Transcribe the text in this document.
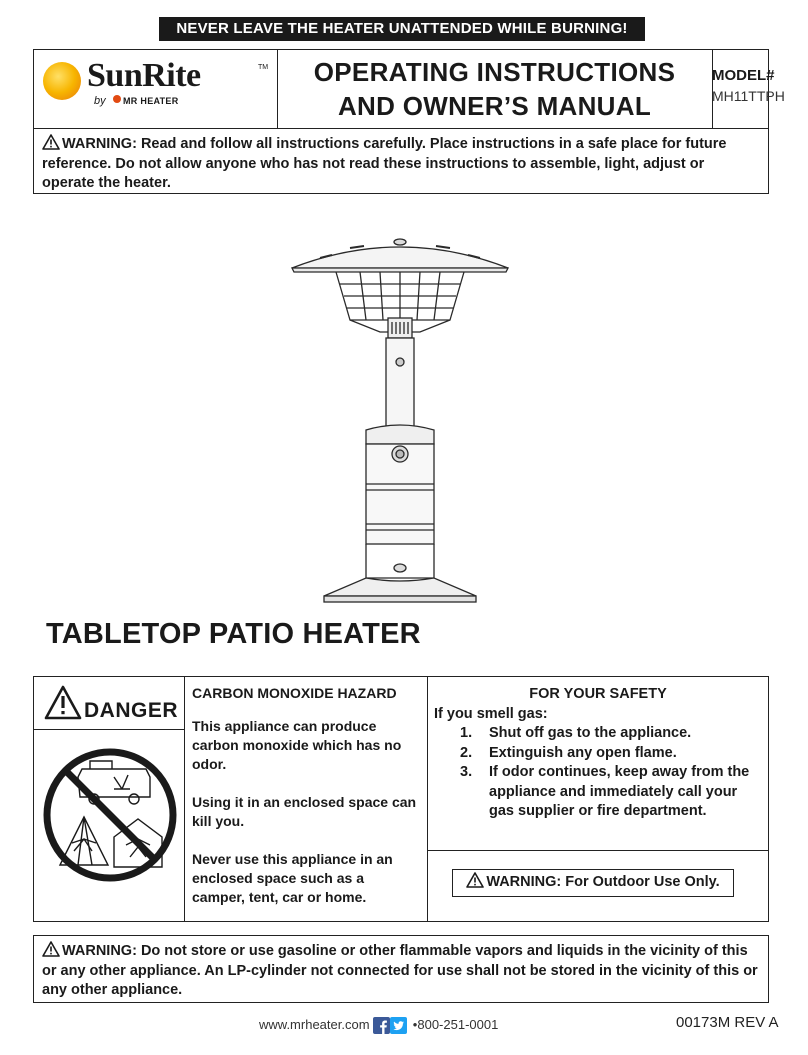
NEVER LEAVE THE HEATER UNATTENDED WHILE BURNING!
SunRite	TM
by MR HEATER
OPERATING INSTRUCTIONS
AND OWNER’S MANUAL
MODEL#
MH11TTPH
WARNING: Read and follow all instructions carefully. Place instructions in a safe place for future reference. Do not allow anyone who has not read these instructions to assemble, light, adjust or operate the heater.
TABLETOP PATIO HEATER
DANGER

CARBON MONOXIDE HAZARD

This appliance can produce carbon monoxide which has no odor.

Using it in an enclosed space can kill you.

Never use this appliance in an enclosed space such as a camper, tent, car or home.

FOR YOUR SAFETY
If you smell gas:
1.	Shut off gas to the appliance.
2.	Extinguish any open flame.
3.	If odor continues, keep away from the appliance and immediately call your gas supplier or fire department.
WARNING: For Outdoor Use Only.
WARNING: Do not store or use gasoline or other flammable vapors and liquids in the vicinity of this or any other appliance. An LP-cylinder not connected for use shall not be stored in the vicinity of this or any other appliance.
www.mrheater.com	•800-251-0001	00173M REV A
